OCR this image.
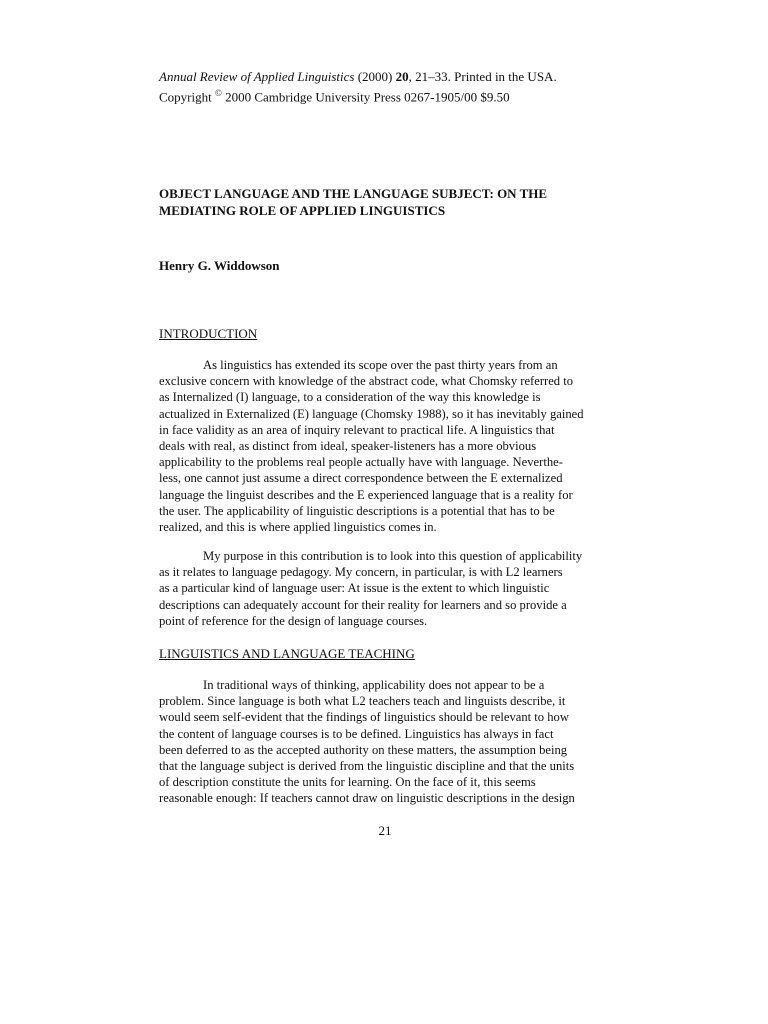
Annual Review of Applied Linguistics (2000) 20, 21–33. Printed in the USA.
Copyright © 2000 Cambridge University Press 0267-1905/00 $9.50
OBJECT LANGUAGE AND THE LANGUAGE SUBJECT: ON THE
MEDIATING ROLE OF APPLIED LINGUISTICS
Henry G. Widdowson
INTRODUCTION
As linguistics has extended its scope over the past thirty years from an
exclusive concern with knowledge of the abstract code, what Chomsky referred to
as Internalized (I) language, to a consideration of the way this knowledge is
actualized in Externalized (E) language (Chomsky 1988), so it has inevitably gained
in face validity as an area of inquiry relevant to practical life. A linguistics that
deals with real, as distinct from ideal, speaker-listeners has a more obvious
applicability to the problems real people actually have with language. Neverthe-
less, one cannot just assume a direct correspondence between the E externalized
language the linguist describes and the E experienced language that is a reality for
the user. The applicability of linguistic descriptions is a potential that has to be
realized, and this is where applied linguistics comes in.
My purpose in this contribution is to look into this question of applicability
as it relates to language pedagogy. My concern, in particular, is with L2 learners
as a particular kind of language user: At issue is the extent to which linguistic
descriptions can adequately account for their reality for learners and so provide a
point of reference for the design of language courses.
LINGUISTICS AND LANGUAGE TEACHING
In traditional ways of thinking, applicability does not appear to be a
problem. Since language is both what L2 teachers teach and linguists describe, it
would seem self-evident that the findings of linguistics should be relevant to how
the content of language courses is to be defined. Linguistics has always in fact
been deferred to as the accepted authority on these matters, the assumption being
that the language subject is derived from the linguistic discipline and that the units
of description constitute the units for learning. On the face of it, this seems
reasonable enough: If teachers cannot draw on linguistic descriptions in the design
21
